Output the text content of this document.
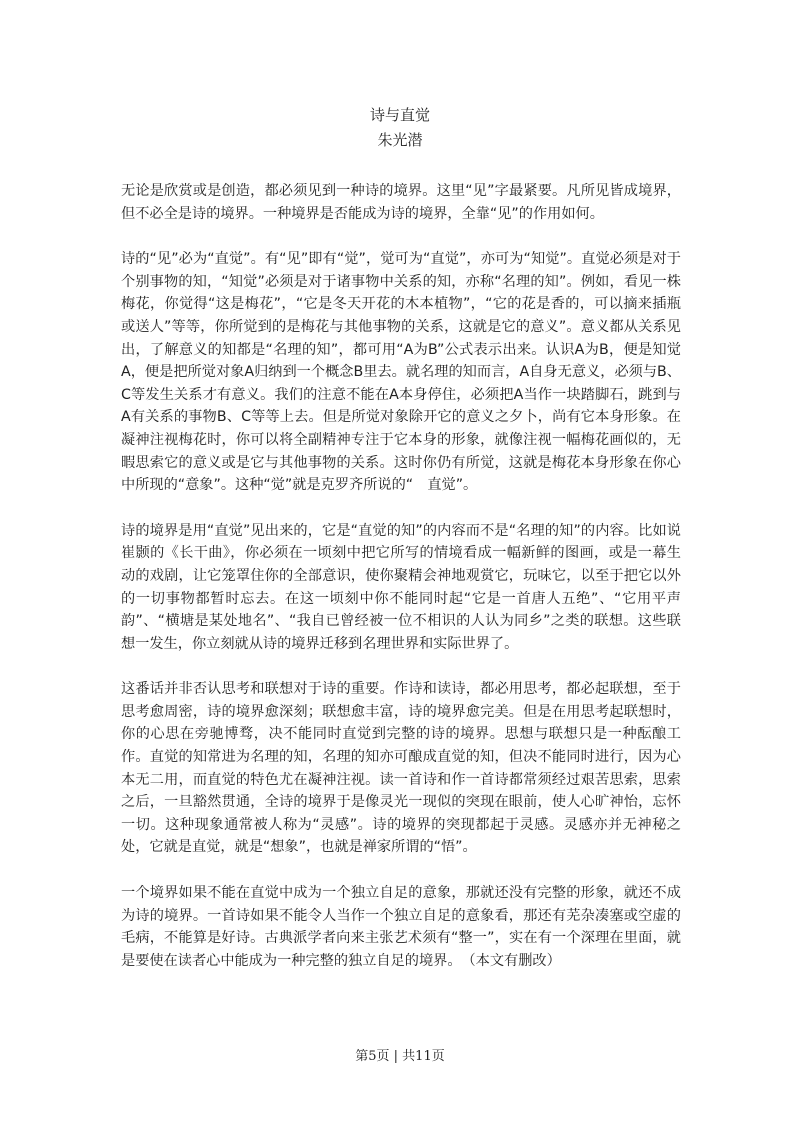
诗与直觉
朱光潜

无论是欣赏或是创造，都必须见到一种诗的境界。这里“见”字最紧要。凡所见皆成境界，但不必全是诗的境界。一种境界是否能成为诗的境界，全靠“见”的作用如何。

诗的“见”必为“直觉”。有“见”即有“觉”，觉可为“直觉”，亦可为“知觉”。直觉必须是对于个别事物的知，“知觉”必须是对于诸事物中关系的知，亦称“名理的知”。例如，看见一株梅花，你觉得“这是梅花”，“它是冬天开花的木本植物”，“它的花是香的，可以摘来插瓶或送人”等等，你所觉到的是梅花与其他事物的关系，这就是它的意义”。意义都从关系见出，了解意义的知都是“名理的知”，都可用“A为B”公式表示出来。认识A为B，便是知觉A，便是把所觉对象A归纳到一个概念B里去。就名理的知而言，A自身无意义，必须与B、C等发生关系才有意义。我们的注意不能在A本身停住，必须把A当作一块踏脚石，跳到与A有关系的事物B、C等等上去。但是所觉对象除开它的意义之夕卜，尚有它本身形象。在凝神注视梅花时，你可以将全副精神专注于它本身的形象，就像注视一幅梅花画似的，无暇思索它的意义或是它与其他事物的关系。这时你仍有所觉，这就是梅花本身形象在你心中所现的“意象”。这种“觉”就是克罗齐所说的“　直觉”。

诗的境界是用“直觉”见出来的，它是“直觉的知”的内容而不是“名理的知”的内容。比如说崔颢的《长干曲》，你必须在一顷刻中把它所写的情境看成一幅新鲜的图画，或是一幕生动的戏剧，让它笼罩住你的全部意识，使你聚精会神地观赏它，玩味它，以至于把它以外的一切事物都暂时忘去。在这一顷刻中你不能同时起“它是一首唐人五绝”、“它用平声韵”、“横塘是某处地名”、“我自已曾经被一位不相识的人认为同乡”之类的联想。这些联想一发生，你立刻就从诗的境界迁移到名理世界和实际世界了。

这番话并非否认思考和联想对于诗的重要。作诗和读诗，都必用思考，都必起联想，至于思考愈周密，诗的境界愈深刻；联想愈丰富，诗的境界愈完美。但是在用思考起联想时，你的心思在旁驰博骛，决不能同时直觉到完整的诗的境界。思想与联想只是一种酝酿工作。直觉的知常进为名理的知，名理的知亦可酿成直觉的知，但决不能同时进行，因为心本无二用，而直觉的特色尤在凝神注视。读一首诗和作一首诗都常须经过艰苦思索，思索之后，一旦豁然贯通，全诗的境界于是像灵光一现似的突现在眼前，使人心旷神怡，忘怀一切。这种现象通常被人称为“灵感”。诗的境界的突现都起于灵感。灵感亦并无神秘之处，它就是直觉，就是“想象”，也就是禅家所谓的“悟”。

一个境界如果不能在直觉中成为一个独立自足的意象，那就还没有完整的形象，就还不成为诗的境界。一首诗如果不能令人当作一个独立自足的意象看，那还有芜杂凑塞或空虚的毛病，不能算是好诗。古典派学者向来主张艺术须有“整一”，实在有一个深理在里面，就是要使在读者心中能成为一种完整的独立自足的境界。　（本文有删改）

第5页 | 共11页
